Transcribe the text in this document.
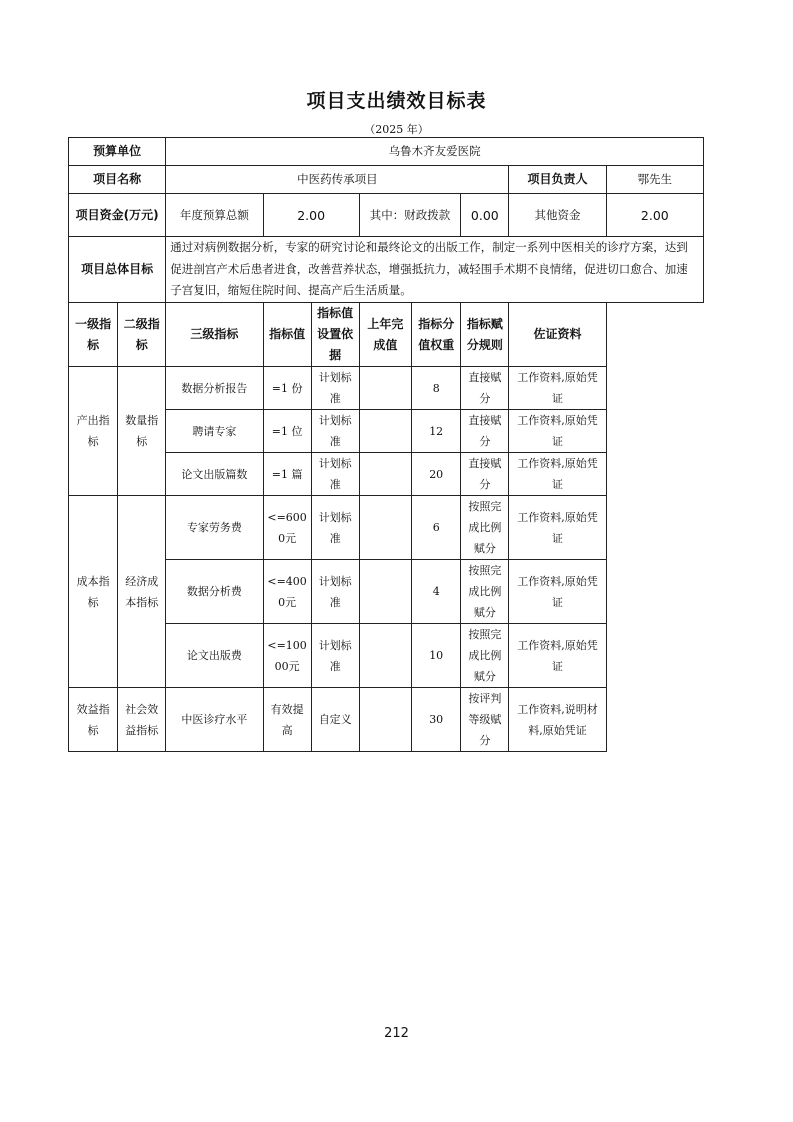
项目支出绩效目标表
（2025 年）
预算单位		乌鲁木齐友爱医院							
项目名称		中医药传承项目						项目负责人	鄂先生
项目资金(万元)		年度预算总额	2.00		其中：财政拨款		0.00	其他资金	2.00
项目总体目标		通过对病例数据分析，专家的研究讨论和最终论文的出版工作，制定一系列中医相关的诊疗方案，达到促进剖宫产术后患者进食，改善营养状态，增强抵抗力，减轻围手术期不良情绪，促进切口愈合、加速子宫复旧，缩短住院时间、提高产后生活质量。							
一级指标	二级指标	三级指标	指标值	指标值设置依据	上年完成值	指标分值权重	指标赋分规则	佐证资料	
产出指标	数量指标	数据分析报告	=1 份	计划标准		8	直接赋分	工作资料,原始凭证	
		聘请专家	=1 位	计划标准		12	直接赋分	工作资料,原始凭证	
		论文出版篇数	=1 篇	计划标准		20	直接赋分	工作资料,原始凭证	
成本指标	经济成本指标	专家劳务费	<=6000元	计划标准		6	按照完成比例赋分	工作资料,原始凭证	
		数据分析费	<=4000元	计划标准		4	按照完成比例赋分	工作资料,原始凭证	
		论文出版费	<=10000元	计划标准		10	按照完成比例赋分	工作资料,原始凭证	
效益指标	社会效益指标	中医诊疗水平	有效提高	自定义		30	按评判等级赋分	工作资料,说明材料,原始凭证	
212
